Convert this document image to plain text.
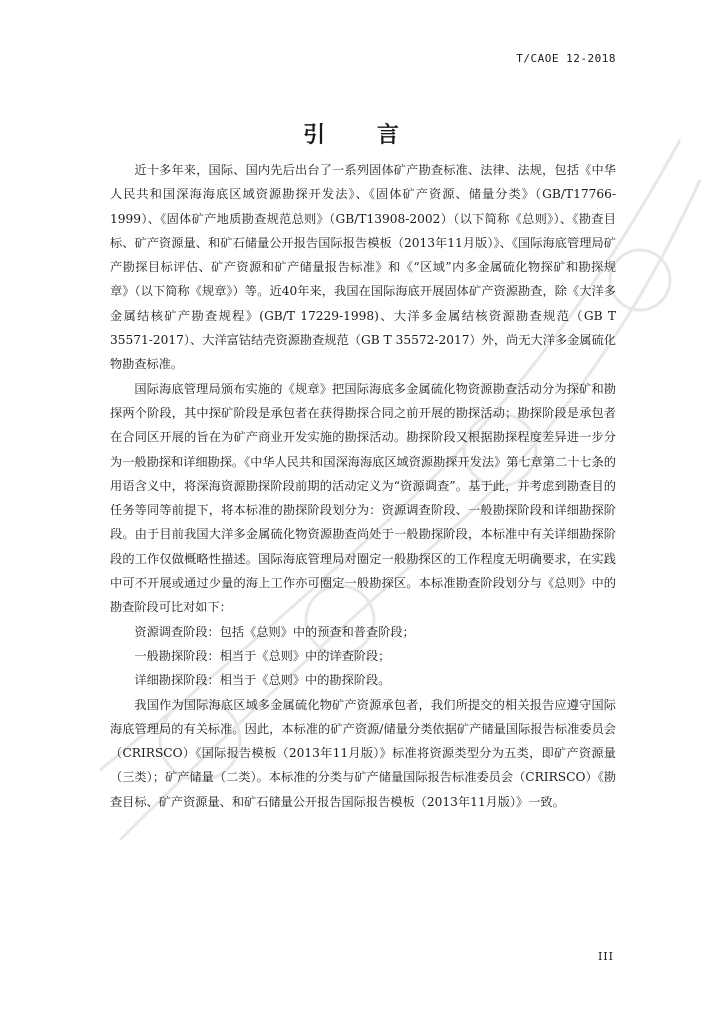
T/CAOE 12-2018
引 言

近十多年来，国际、国内先后出台了一系列固体矿产勘查标准、法律、法规，包括《中华人民共和国深海海底区域资源勘探开发法》、《固体矿产资源、储量分类》（GB/T17766-1999）、《固体矿产地质勘查规范总则》（GB/T13908-2002）（以下简称《总则》）、《勘查目标、矿产资源量、和矿石储量公开报告国际报告模板（2013年11月版）》、《国际海底管理局矿产勘探目标评估、矿产资源和矿产储量报告标准》和《“区域”内多金属硫化物探矿和勘探规章》（以下简称《规章》）等。近40年来，我国在国际海底开展固体矿产资源勘查，除《大洋多金属结核矿产勘查规程》(GB/T 17229-1998)、大洋多金属结核资源勘查规范（GB T 35571-2017）、大洋富钴结壳资源勘查规范（GB T 35572-2017）外，尚无大洋多金属硫化物勘查标准。

国际海底管理局颁布实施的《规章》把国际海底多金属硫化物资源勘查活动分为探矿和勘探两个阶段，其中探矿阶段是承包者在获得勘探合同之前开展的勘探活动；勘探阶段是承包者在合同区开展的旨在为矿产商业开发实施的勘探活动。勘探阶段又根据勘探程度差异进一步分为一般勘探和详细勘探。《中华人民共和国深海海底区域资源勘探开发法》第七章第二十七条的用语含义中，将深海资源勘探阶段前期的活动定义为“资源调查”。基于此，并考虑到勘查目的任务等同等前提下，将本标准的勘探阶段划分为：资源调查阶段、一般勘探阶段和详细勘探阶段。由于目前我国大洋多金属硫化物资源勘查尚处于一般勘探阶段，本标准中有关详细勘探阶段的工作仅做概略性描述。国际海底管理局对圈定一般勘探区的工作程度无明确要求，在实践中可不开展或通过少量的海上工作亦可圈定一般勘探区。本标准勘查阶段划分与《总则》中的勘查阶段可比对如下：

资源调查阶段：包括《总则》中的预查和普查阶段；

一般勘探阶段：相当于《总则》中的详查阶段；

详细勘探阶段：相当于《总则》中的勘探阶段。

我国作为国际海底区域多金属硫化物矿产资源承包者，我们所提交的相关报告应遵守国际海底管理局的有关标准。因此，本标准的矿产资源/储量分类依据矿产储量国际报告标准委员会（CRIRSCO）《国际报告模板（2013年11月版）》标准将资源类型分为五类，即矿产资源量（三类）；矿产储量（二类）。本标准的分类与矿产储量国际报告标准委员会（CRIRSCO）《勘查目标、矿产资源量、和矿石储量公开报告国际报告模板（2013年11月版）》一致。

III
